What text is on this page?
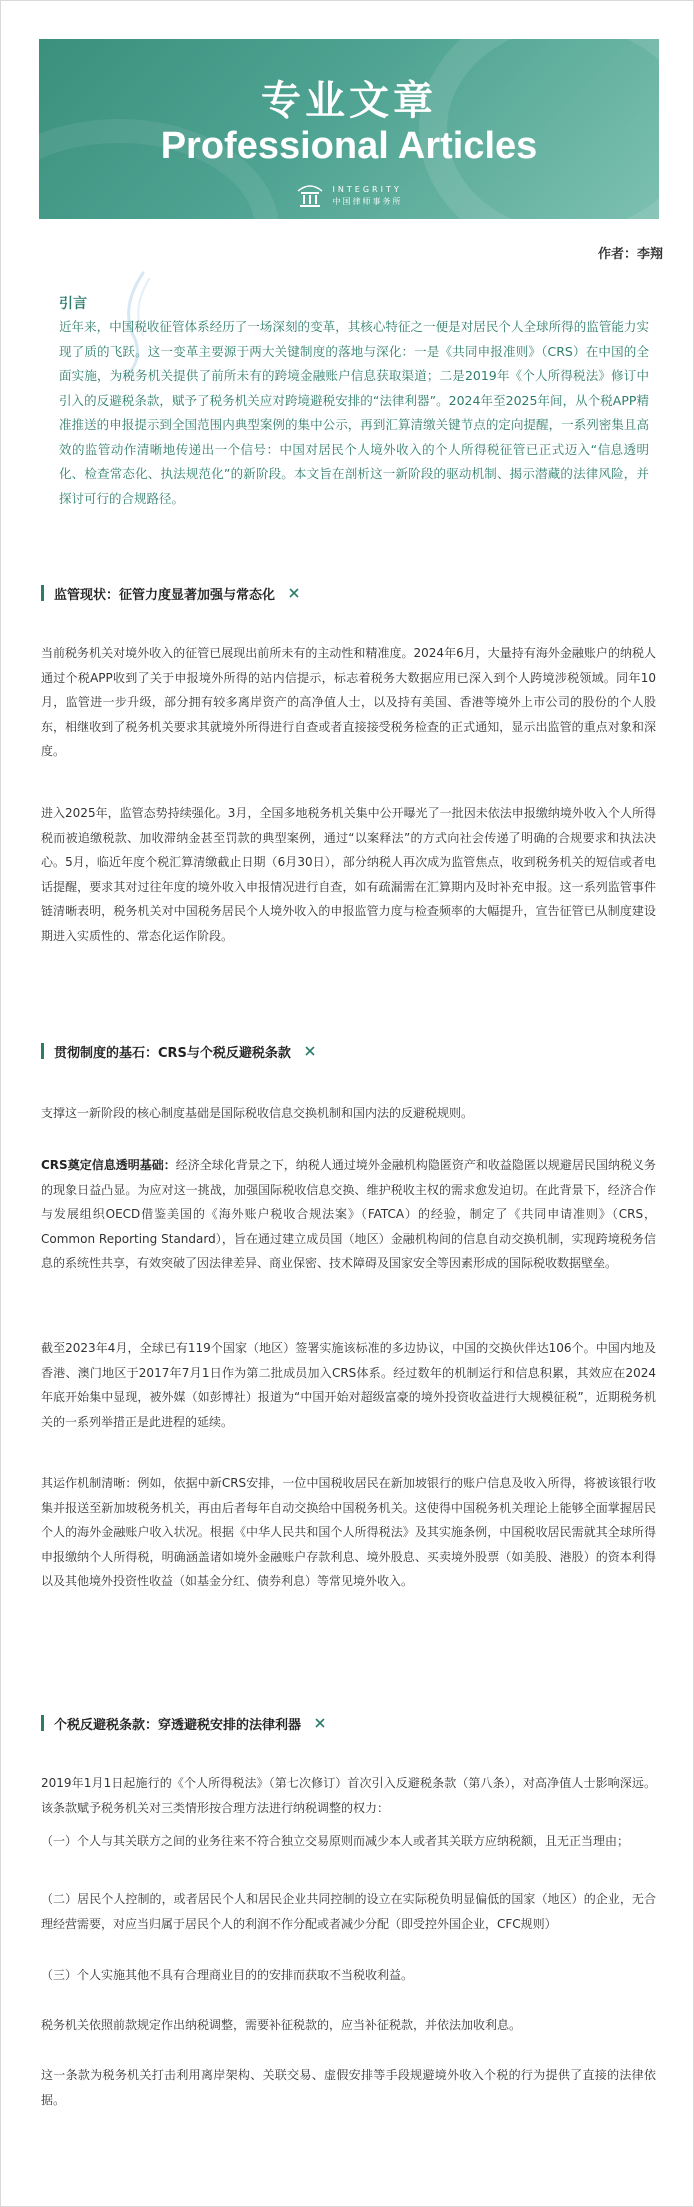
专业文章
Professional Articles

INTEGRITY
中国律师事务所
作者：李翔
引言
近年来，中国税收征管体系经历了一场深刻的变革，其核心特征之一便是对居民个人全球所得的监管能力实现了质的飞跃。这一变革主要源于两大关键制度的落地与深化：一是《共同申报准则》（CRS）在中国的全面实施，为税务机关提供了前所未有的跨境金融账户信息获取渠道；二是2019年《个人所得税法》修订中引入的反避税条款，赋予了税务机关应对跨境避税安排的“法律利器”。2024年至2025年间，从个税APP精准推送的申报提示到全国范围内典型案例的集中公示，再到汇算清缴关键节点的定向提醒，一系列密集且高效的监管动作清晰地传递出一个信号：中国对居民个人境外收入的个人所得税征管已正式迈入“信息透明化、检查常态化、执法规范化”的新阶段。本文旨在剖析这一新阶段的驱动机制、揭示潜藏的法律风险，并探讨可行的合规路径。
监管现状：征管力度显著加强与常态化
当前税务机关对境外收入的征管已展现出前所未有的主动性和精准度。2024年6月，大量持有海外金融账户的纳税人通过个税APP收到了关于申报境外所得的站内信提示，标志着税务大数据应用已深入到个人跨境涉税领域。同年10月，监管进一步升级，部分拥有较多离岸资产的高净值人士，以及持有美国、香港等境外上市公司的股份的个人股东，相继收到了税务机关要求其就境外所得进行自查或者直接接受税务检查的正式通知，显示出监管的重点对象和深度。
进入2025年，监管态势持续强化。3月，全国多地税务机关集中公开曝光了一批因未依法申报缴纳境外收入个人所得税而被追缴税款、加收滞纳金甚至罚款的典型案例，通过“以案释法”的方式向社会传递了明确的合规要求和执法决心。5月，临近年度个税汇算清缴截止日期（6月30日），部分纳税人再次成为监管焦点，收到税务机关的短信或者电话提醒，要求其对过往年度的境外收入申报情况进行自查，如有疏漏需在汇算期内及时补充申报。这一系列监管事件链清晰表明，税务机关对中国税务居民个人境外收入的申报监管力度与检查频率的大幅提升，宣告征管已从制度建设期进入实质性的、常态化运作阶段。
贯彻制度的基石：CRS与个税反避税条款
支撑这一新阶段的核心制度基础是国际税收信息交换机制和国内法的反避税规则。
CRS奠定信息透明基础：经济全球化背景之下，纳税人通过境外金融机构隐匿资产和收益隐匿以规避居民国纳税义务的现象日益凸显。为应对这一挑战，加强国际税收信息交换、维护税收主权的需求愈发迫切。在此背景下，经济合作与发展组织OECD借鉴美国的《海外账户税收合规法案》（FATCA）的经验，制定了《共同申请准则》（CRS，Common Reporting Standard），旨在通过建立成员国（地区）金融机构间的信息自动交换机制，实现跨境税务信息的系统性共享，有效突破了因法律差异、商业保密、技术障碍及国家安全等因素形成的国际税收数据壁垒。
截至2023年4月，全球已有119个国家（地区）签署实施该标准的多边协议，中国的交换伙伴达106个。中国内地及香港、澳门地区于2017年7月1日作为第二批成员加入CRS体系。经过数年的机制运行和信息积累，其效应在2024年底开始集中显现，被外媒（如彭博社）报道为“中国开始对超级富豪的境外投资收益进行大规模征税”，近期税务机关的一系列举措正是此进程的延续。
其运作机制清晰：例如，依据中新CRS安排，一位中国税收居民在新加坡银行的账户信息及收入所得，将被该银行收集并报送至新加坡税务机关，再由后者每年自动交换给中国税务机关。这使得中国税务机关理论上能够全面掌握居民个人的海外金融账户收入状况。根据《中华人民共和国个人所得税法》及其实施条例，中国税收居民需就其全球所得申报缴纳个人所得税，明确涵盖诸如境外金融账户存款利息、境外股息、买卖境外股票（如美股、港股）的资本利得以及其他境外投资性收益（如基金分红、债券利息）等常见境外收入。
个税反避税条款：穿透避税安排的法律利器
2019年1月1日起施行的《个人所得税法》（第七次修订）首次引入反避税条款（第八条），对高净值人士影响深远。该条款赋予税务机关对三类情形按合理方法进行纳税调整的权力：
（一）个人与其关联方之间的业务往来不符合独立交易原则而减少本人或者其关联方应纳税额，且无正当理由；
（二）居民个人控制的，或者居民个人和居民企业共同控制的设立在实际税负明显偏低的国家（地区）的企业，无合理经营需要，对应当归属于居民个人的利润不作分配或者减少分配（即受控外国企业，CFC规则）
（三）个人实施其他不具有合理商业目的的安排而获取不当税收利益。
税务机关依照前款规定作出纳税调整，需要补征税款的，应当补征税款，并依法加收利息。
这一条款为税务机关打击利用离岸架构、关联交易、虚假安排等手段规避境外收入个税的行为提供了直接的法律依据。
